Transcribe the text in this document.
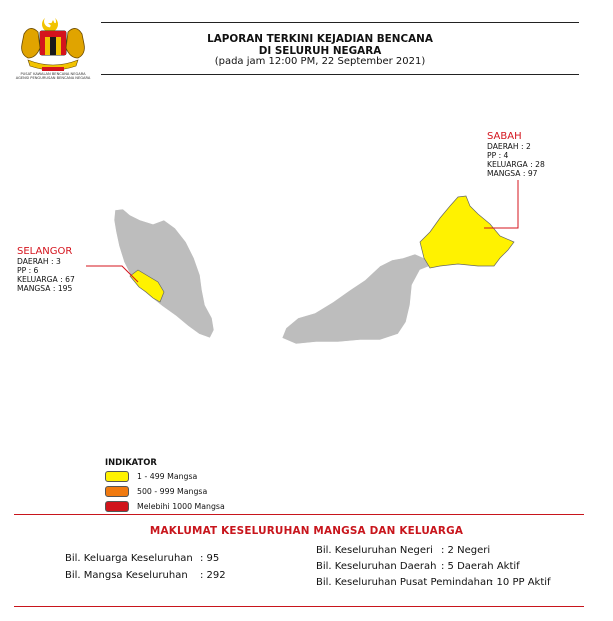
PUSAT KAWALAN BENCANA NEGARA
AGENSI PENGURUSAN BENCANA NEGARA
LAPORAN TERKINI KEJADIAN BENCANA
DI SELURUH NEGARA
(pada jam 12:00 PM, 22 September 2021)
SELANGOR
DAERAH : 3
PP : 6
KELUARGA : 67
MANGSA : 195
SABAH
DAERAH : 2
PP : 4
KELUARGA : 28
MANGSA : 97
INDIKATOR
1 - 499 Mangsa
500 - 999 Mangsa
Melebihi 1000 Mangsa
MAKLUMAT KESELURUHAN MANGSA DAN KELUARGA
Bil. Keluarga Keseluruhan : 95
Bil. Mangsa Keseluruhan : 292
Bil. Keseluruhan Negeri : 2 Negeri
Bil. Keseluruhan Daerah : 5 Daerah Aktif
Bil. Keseluruhan Pusat Pemindahan
: 10 PP Aktif
